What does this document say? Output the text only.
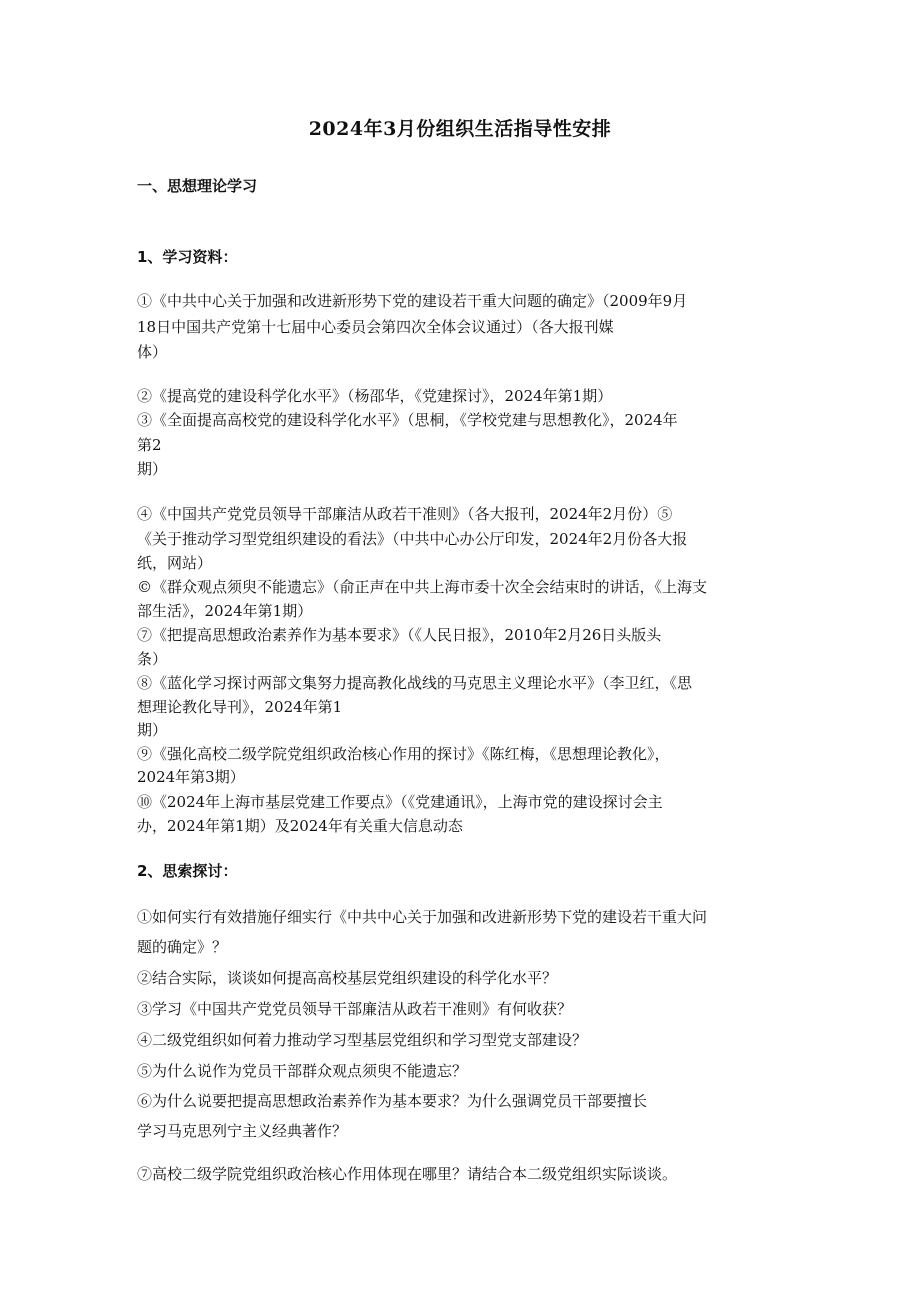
2024年3月份组织生活指导性安排
一、思想理论学习
1、学习资料：
①《中共中心关于加强和改进新形势下党的建设若干重大问题的确定》（2009年9月
18日中国共产党第十七届中心委员会第四次全体会议通过）（各大报刊媒
体）
②《提高党的建设科学化水平》（杨邵华，《党建探讨》，2024年第1期）
③《全面提高高校党的建设科学化水平》（思桐，《学校党建与思想教化》，2024年
第2
期）
④《中国共产党党员领导干部廉洁从政若干准则》（各大报刊，2024年2月份）⑤
《关于推动学习型党组织建设的看法》（中共中心办公厅印发，2024年2月份各大报
纸，网站）
©《群众观点须臾不能遗忘》（俞正声在中共上海市委十次全会结束时的讲话，《上海支
部生活》，2024年第1期）
⑦《把提高思想政治素养作为基本要求》（《人民日报》，2010年2月26日头版头
条）
⑧《蓝化学习探讨两部文集努力提高教化战线的马克思主义理论水平》（李卫红，《思
想理论教化导刊》，2024年第1
期）
⑨《强化高校二级学院党组织政治核心作用的探讨》《陈红梅，《思想理论教化》，
2024年第3期）
⑩《2024年上海市基层党建工作要点》（《党建通讯》，上海市党的建设探讨会主
办，2024年第1期）及2024年有关重大信息动态
2、思索探讨：
①如何实行有效措施仔细实行《中共中心关于加强和改进新形势下党的建设若干重大问
题的确定》？
②结合实际，谈谈如何提高高校基层党组织建设的科学化水平？
③学习《中国共产党党员领导干部廉洁从政若干准则》有何收获？
④二级党组织如何着力推动学习型基层党组织和学习型党支部建设？
⑤为什么说作为党员干部群众观点须臾不能遗忘？
⑥为什么说要把提高思想政治素养作为基本要求？为什么强调党员干部要擅长
学习马克思列宁主义经典著作？
⑦高校二级学院党组织政治核心作用体现在哪里？请结合本二级党组织实际谈谈。
